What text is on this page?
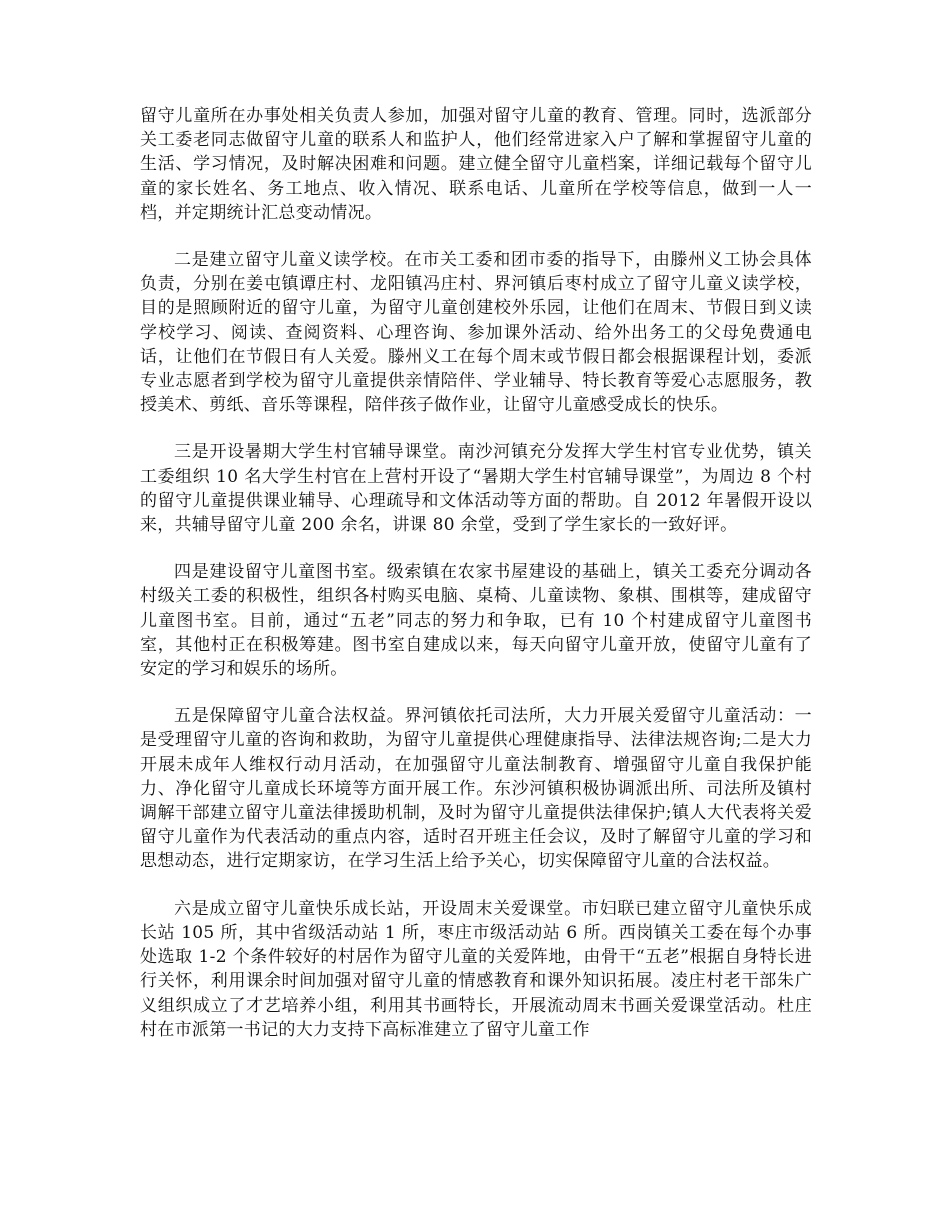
留守儿童所在办事处相关负责人参加，加强对留守儿童的教育、管理。同时，选派部分关工委老同志做留守儿童的联系人和监护人，他们经常进家入户了解和掌握留守儿童的生活、学习情况，及时解决困难和问题。建立健全留守儿童档案，详细记载每个留守儿童的家长姓名、务工地点、收入情况、联系电话、儿童所在学校等信息，做到一人一档，并定期统计汇总变动情况。

二是建立留守儿童义读学校。在市关工委和团市委的指导下，由滕州义工协会具体负责，分别在姜屯镇谭庄村、龙阳镇冯庄村、界河镇后枣村成立了留守儿童义读学校，目的是照顾附近的留守儿童，为留守儿童创建校外乐园，让他们在周末、节假日到义读学校学习、阅读、查阅资料、心理咨询、参加课外活动、给外出务工的父母免费通电话，让他们在节假日有人关爱。滕州义工在每个周末或节假日都会根据课程计划，委派专业志愿者到学校为留守儿童提供亲情陪伴、学业辅导、特长教育等爱心志愿服务，教授美术、剪纸、音乐等课程，陪伴孩子做作业，让留守儿童感受成长的快乐。

三是开设暑期大学生村官辅导课堂。南沙河镇充分发挥大学生村官专业优势，镇关工委组织 10 名大学生村官在上营村开设了“暑期大学生村官辅导课堂”，为周边 8 个村的留守儿童提供课业辅导、心理疏导和文体活动等方面的帮助。自 2012 年暑假开设以来，共辅导留守儿童 200 余名，讲课 80 余堂，受到了学生家长的一致好评。

四是建设留守儿童图书室。级索镇在农家书屋建设的基础上，镇关工委充分调动各村级关工委的积极性，组织各村购买电脑、桌椅、儿童读物、象棋、围棋等，建成留守儿童图书室。目前，通过“五老”同志的努力和争取，已有 10 个村建成留守儿童图书室，其他村正在积极筹建。图书室自建成以来，每天向留守儿童开放，使留守儿童有了安定的学习和娱乐的场所。

五是保障留守儿童合法权益。界河镇依托司法所，大力开展关爱留守儿童活动：一是受理留守儿童的咨询和救助，为留守儿童提供心理健康指导、法律法规咨询;二是大力开展未成年人维权行动月活动，在加强留守儿童法制教育、增强留守儿童自我保护能力、净化留守儿童成长环境等方面开展工作。东沙河镇积极协调派出所、司法所及镇村调解干部建立留守儿童法律援助机制，及时为留守儿童提供法律保护;镇人大代表将关爱留守儿童作为代表活动的重点内容，适时召开班主任会议，及时了解留守儿童的学习和思想动态，进行定期家访，在学习生活上给予关心，切实保障留守儿童的合法权益。

六是成立留守儿童快乐成长站，开设周末关爱课堂。市妇联已建立留守儿童快乐成长站 105 所，其中省级活动站 1 所，枣庄市级活动站 6 所。西岗镇关工委在每个办事处选取 1-2 个条件较好的村居作为留守儿童的关爱阵地，由骨干“五老”根据自身特长进行关怀，利用课余时间加强对留守儿童的情感教育和课外知识拓展。凌庄村老干部朱广义组织成立了才艺培养小组，利用其书画特长，开展流动周末书画关爱课堂活动。杜庄村在市派第一书记的大力支持下高标准建立了留守儿童工作
